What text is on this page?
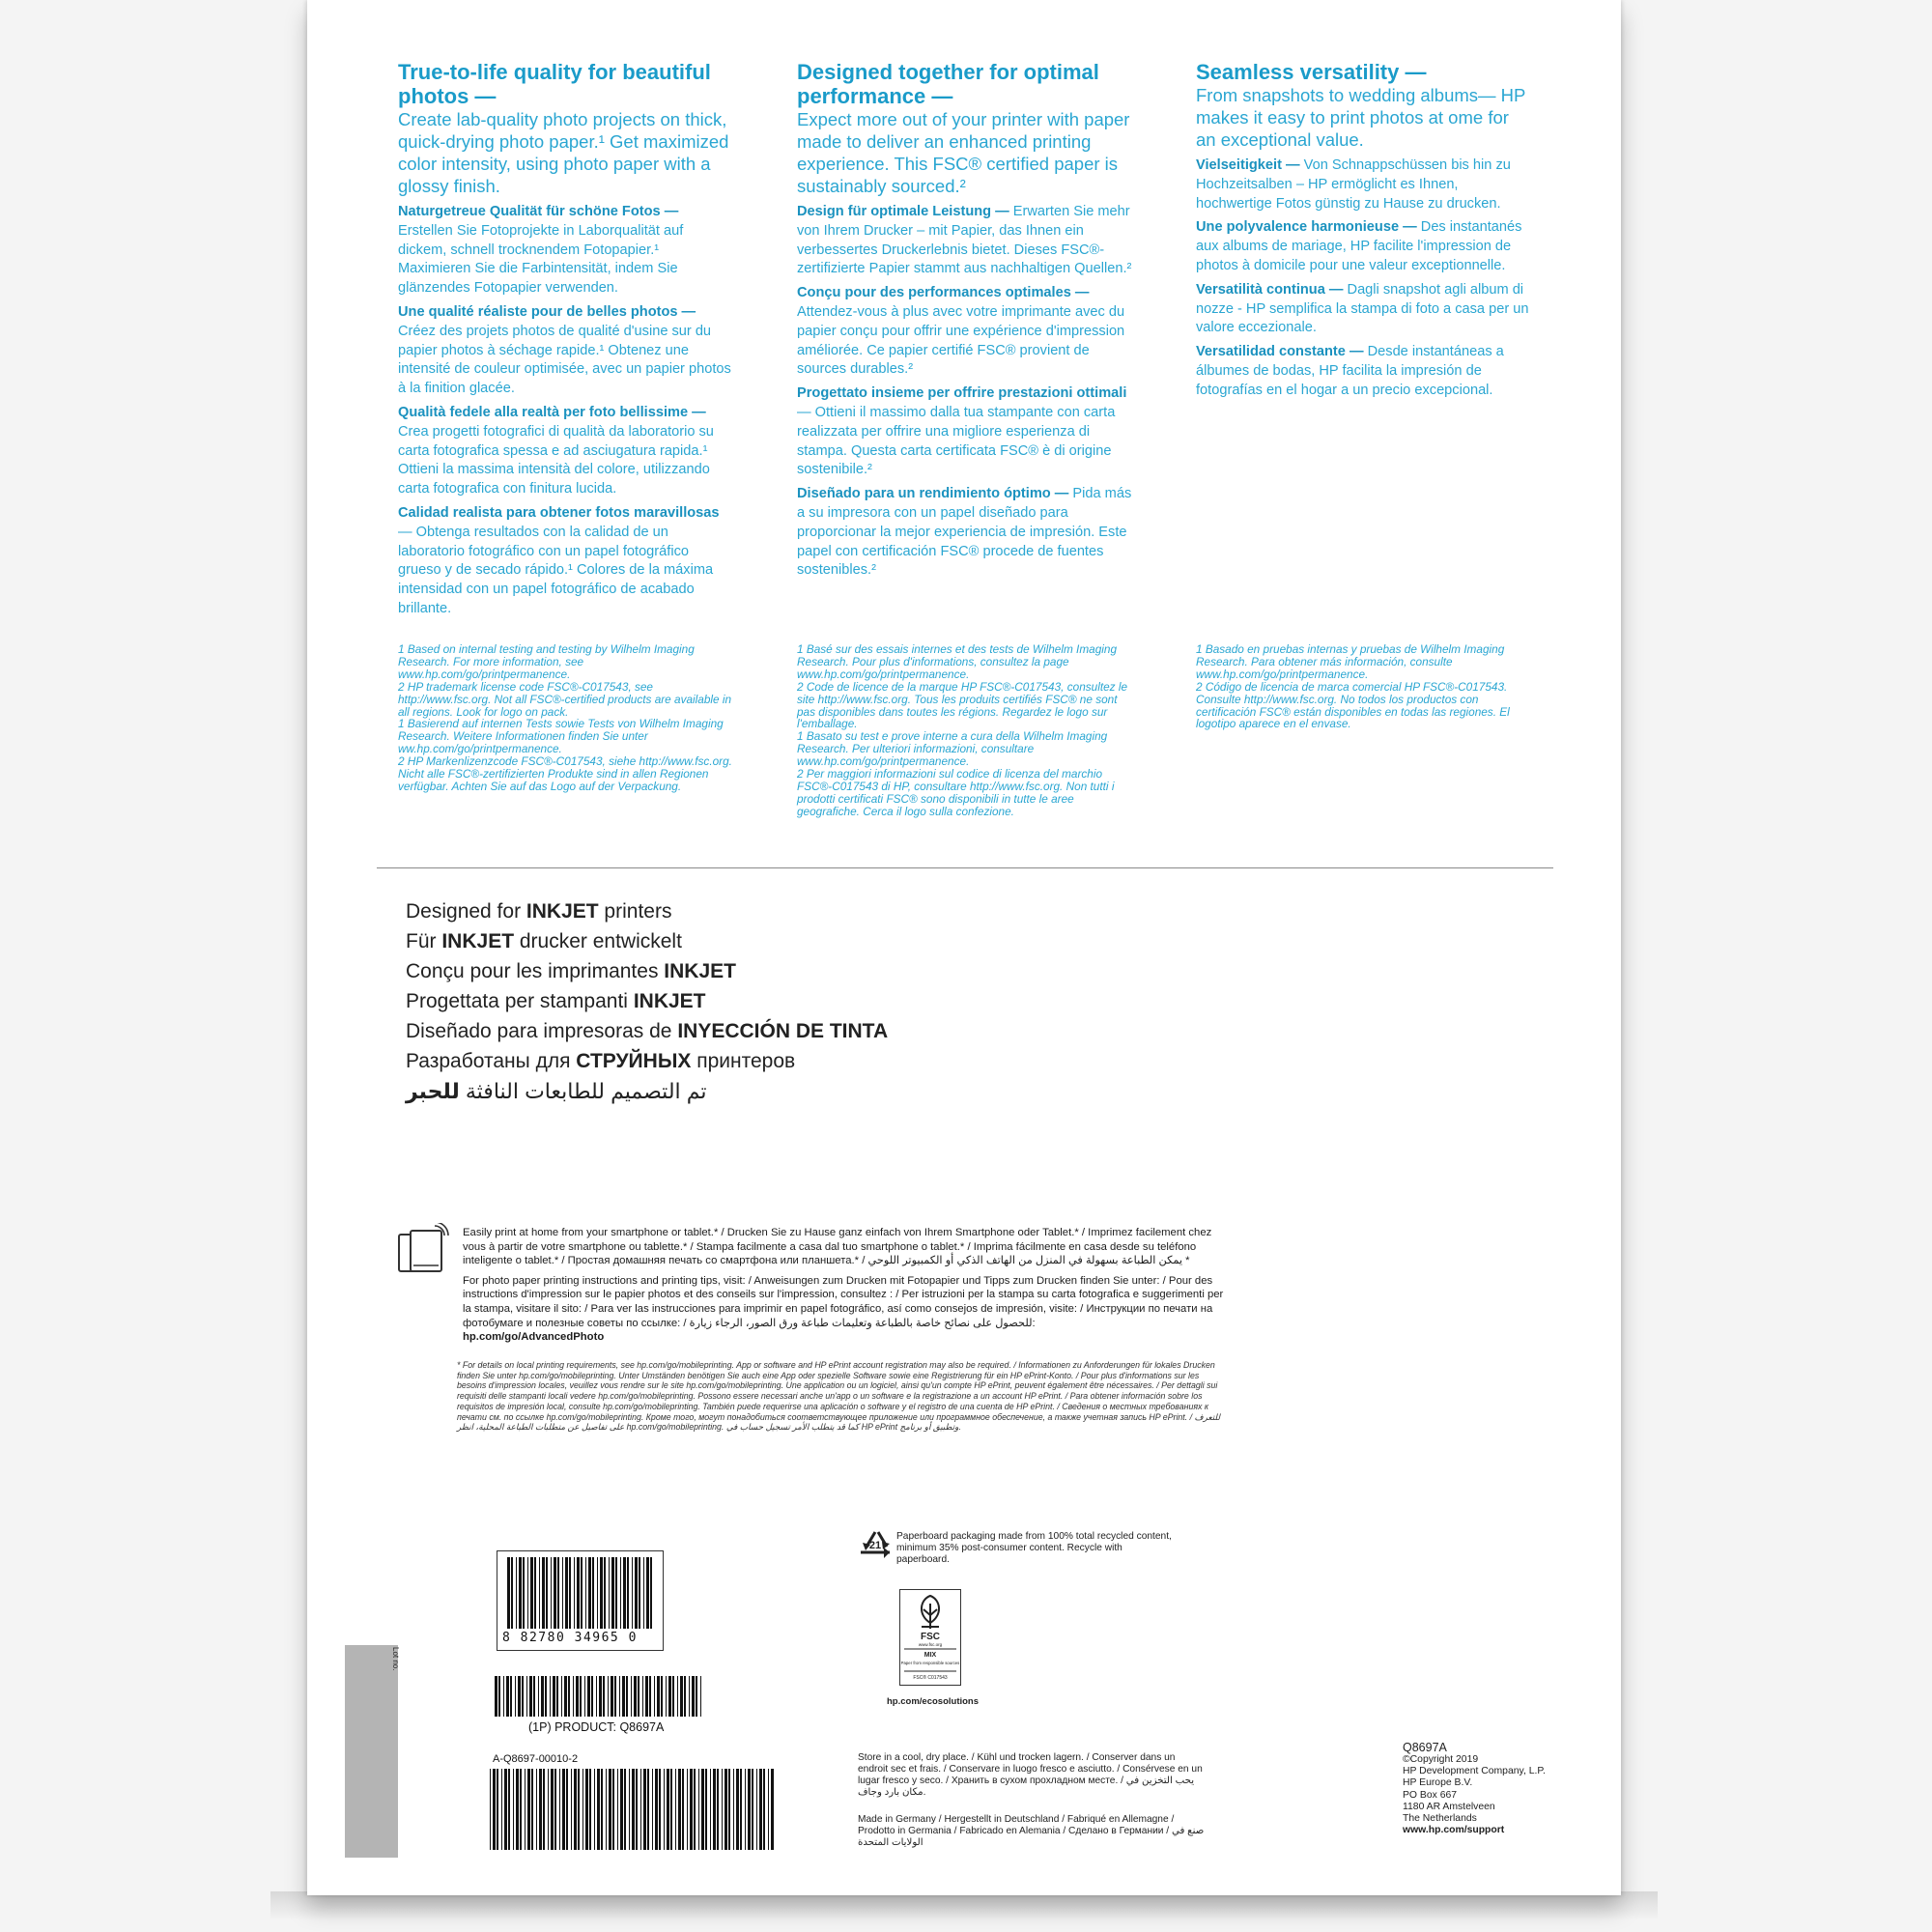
True-to-life quality for beautiful photos —
Create lab-quality photo projects on thick, quick-drying photo paper.¹ Get maximized color intensity, using photo paper with a glossy finish.
Naturgetreue Qualität für schöne Fotos — Erstellen Sie Fotoprojekte in Laborqualität auf dickem, schnell trocknendem Fotopapier.¹ Maximieren Sie die Farbintensität, indem Sie glänzendes Fotopapier verwenden.
Une qualité réaliste pour de belles photos — Créez des projets photos de qualité d'usine sur du papier photos à séchage rapide.¹ Obtenez une intensité de couleur optimisée, avec un papier photos à la finition glacée.
Qualità fedele alla realtà per foto bellissime — Crea progetti fotografici di qualità da laboratorio su carta fotografica spessa e ad asciugatura rapida.¹ Ottieni la massima intensità del colore, utilizzando carta fotografica con finitura lucida.
Calidad realista para obtener fotos maravillosas — Obtenga resultados con la calidad de un laboratorio fotográfico con un papel fotográfico grueso y de secado rápido.¹ Colores de la máxima intensidad con un papel fotográfico de acabado brillante.
Designed together for optimal performance —
Expect more out of your printer with paper made to deliver an enhanced printing experience. This FSC® certified paper is sustainably sourced.²
Design für optimale Leistung — Erwarten Sie mehr von Ihrem Drucker – mit Papier, das Ihnen ein verbessertes Druckerlebnis bietet. Dieses FSC®- zertifizierte Papier stammt aus nachhaltigen Quellen.²
Conçu pour des performances optimales — Attendez-vous à plus avec votre imprimante avec du papier conçu pour offrir une expérience d'impression améliorée. Ce papier certifié FSC® provient de sources durables.²
Progettato insieme per offrire prestazioni ottimali — Ottieni il massimo dalla tua stampante con carta realizzata per offrire una migliore esperienza di stampa. Questa carta certificata FSC® è di origine sostenibile.²
Diseñado para un rendimiento óptimo — Pida más a su impresora con un papel diseñado para proporcionar la mejor experiencia de impresión. Este papel con certificación FSC® procede de fuentes sostenibles.²
Seamless versatility —
From snapshots to wedding albums— HP makes it easy to print photos at ome for an exceptional value.
Vielseitigkeit — Von Schnappschüssen bis hin zu Hochzeitsalben – HP ermöglicht es Ihnen, hochwertige Fotos günstig zu Hause zu drucken.
Une polyvalence harmonieuse — Des instantanés aux albums de mariage, HP facilite l'impression de photos à domicile pour une valeur exceptionnelle.
Versatilità continua — Dagli snapshot agli album di nozze - HP semplifica la stampa di foto a casa per un valore eccezionale.
Versatilidad constante — Desde instantáneas a álbumes de bodas, HP facilita la impresión de fotografías en el hogar a un precio excepcional.
1 Based on internal testing and testing by Wilhelm Imaging Research. For more information, see www.hp.com/go/printpermanence.
2 HP trademark license code FSC®-C017543, see http://www.fsc.org. Not all FSC®-certified products are available in all regions. Look for logo on pack.
1 Basierend auf internen Tests sowie Tests von Wilhelm Imaging Research. Weitere Informationen finden Sie unter ww.hp.com/go/printpermanence.
2 HP Markenlizenzcode FSC®-C017543, siehe http://www.fsc.org. Nicht alle FSC®-zertifizierten Produkte sind in allen Regionen verfügbar. Achten Sie auf das Logo auf der Verpackung.
1 Basé sur des essais internes et des tests de Wilhelm Imaging Research. Pour plus d'informations, consultez la page www.hp.com/go/printpermanence.
2 Code de licence de la marque HP FSC®-C017543, consultez le site http://www.fsc.org. Tous les produits certifiés FSC® ne sont pas disponibles dans toutes les régions. Regardez le logo sur l'emballage.
1 Basato su test e prove interne a cura della Wilhelm Imaging Research. Per ulteriori informazioni, consultare www.hp.com/go/printpermanence.
2 Per maggiori informazioni sul codice di licenza del marchio FSC®-C017543 di HP, consultare http://www.fsc.org. Non tutti i prodotti certificati FSC® sono disponibili in tutte le aree geografiche. Cerca il logo sulla confezione.
1 Basado en pruebas internas y pruebas de Wilhelm Imaging Research. Para obtener más información, consulte www.hp.com/go/printpermanence.
2 Código de licencia de marca comercial HP FSC®-C017543. Consulte http://www.fsc.org. No todos los productos con certificación FSC® están disponibles en todas las regiones. El logotipo aparece en el envase.
Designed for INKJET printers
Für INKJET drucker entwickelt
Conçu pour les imprimantes INKJET
Progettata per stampanti INKJET
Diseñado para impresoras de INYECCIÓN DE TINTA
Разработаны для СТРУЙНЫХ принтеров
تم التصميم للطابعات النافثة للحبر
Easily print at home from your smartphone or tablet.* / Drucken Sie zu Hause ganz einfach von Ihrem Smartphone oder Tablet.* / Imprimez facilement chez vous à partir de votre smartphone ou tablette.* / Stampa facilmente a casa dal tuo smartphone o tablet.* / Imprima fácilmente en casa desde su teléfono inteligente o tablet.* / Простая домашняя печать со смартфона или планшета.* / يمكن الطباعة بسهولة في المنزل من الهاتف الذكي أو الكمبيوتر اللوحي *
For photo paper printing instructions and printing tips, visit: / Anweisungen zum Drucken mit Fotopapier und Tipps zum Drucken finden Sie unter: / Pour des instructions d'impression sur le papier photos et des conseils sur l'impression, consultez : / Per istruzioni per la stampa su carta fotografica e suggerimenti per la stampa, visitare il sito: / Para ver las instrucciones para imprimir en papel fotográfico, así como consejos de impresión, visite: / Инструкции по печати на фотобумаге и полезные советы по ссылке: / للحصول على نصائح خاصة بالطباعة وتعليمات طباعة ورق الصور، الرجاء زيارة:
hp.com/go/AdvancedPhoto
* For details on local printing requirements, see hp.com/go/mobileprinting. App or software and HP ePrint account registration may also be required. / Informationen zu Anforderungen für lokales Drucken finden Sie unter hp.com/go/mobileprinting. Unter Umständen benötigen Sie auch eine App oder spezielle Software sowie eine Registrierung für ein HP ePrint-Konto. / Pour plus d'informations sur les besoins d'impression locales, veuillez vous rendre sur le site hp.com/go/mobileprinting. Une application ou un logiciel, ainsi qu'un compte HP ePrint, peuvent également être nécessaires. / Per dettagli sui requisiti delle stampanti locali vedere hp.com/go/mobileprinting. Possono essere necessari anche un'app o un software e la registrazione a un account HP ePrint. / Para obtener información sobre los requisitos de impresión local, consulte hp.com/go/mobileprinting. También puede requerirse una aplicación o software y el registro de una cuenta de HP ePrint. / Сведения о местных требованиях к печати см. по ссылке hp.com/go/mobileprinting. Кроме того, могут понадобиться соответствующее приложение или программное обеспечение, а также учетная запись HP ePrint. / للتعرف على تفاصيل عن متطلبات الطباعة المحلية، انظر hp.com/go/mobileprinting. كما قد يتطلب الأمر تسجيل حساب في HP ePrint وتطبيق أو برنامج.
21
Paperboard packaging made from 100% total recycled content, minimum 35% post-consumer content. Recycle with paperboard.
FSC
www.fsc.org
MIX
Paper from responsible sources
FSC® C017543
hp.com/ecosolutions
8 82780 34965 0
(1P) PRODUCT: Q8697A
A-Q8697-00010-2
Lot no.
Store in a cool, dry place. / Kühl und trocken lagern. / Conserver dans un endroit sec et frais. / Conservare in luogo fresco e asciutto. / Consérvese en un lugar fresco y seco. / Хранить в сухом прохладном месте. / يحب التخزين في مكان بارد وجاف.
Made in Germany / Hergestellt in Deutschland / Fabriqué en Allemagne / Prodotto in Germania / Fabricado en Alemania / Сделано в Германии / صنع في الولايات المتحدة
Q8697A
©Copyright 2019
HP Development Company, L.P.
HP Europe B.V.
PO Box 667
1180 AR Amstelveen
The Netherlands
www.hp.com/support
